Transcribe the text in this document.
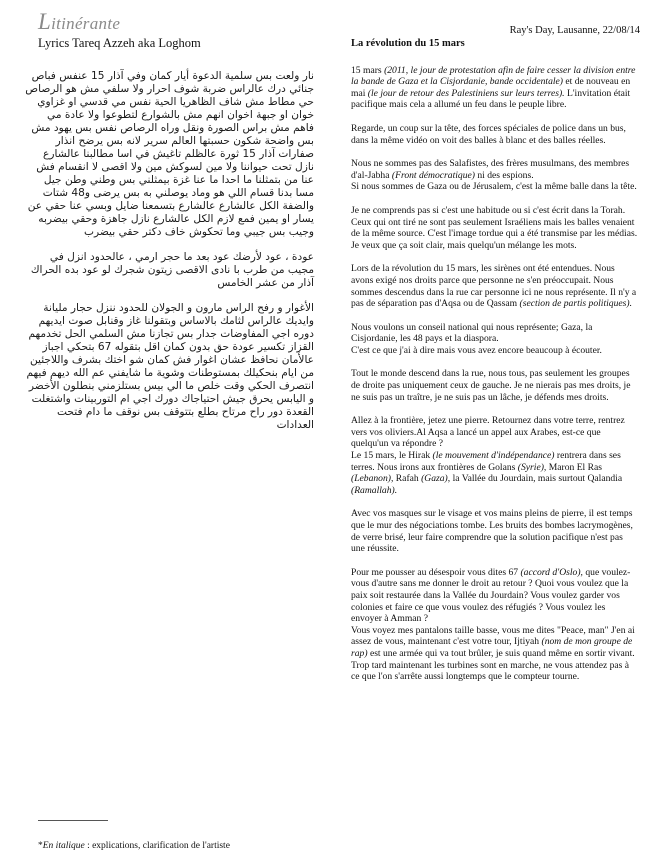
Litinérante
Lyrics Tareq Azzeh aka Loghom
Ray's Day, Lausanne, 22/08/14

نار ولعت بس سلمية الدعوة أيار كمان وفي آذار 15 عنفس فباص جنائي درك عالراس ضربة شوف احرار ولا سلفي مش هو الرصاص حي مطاط مش شاف الظاهريا الحية نفس مي قدسي او غزاوي خوان او جبهة اخوان انهم مش بالشوارع لتطوعوا ولا عادة مي فاهم مش براس الصورة ونقل وراه الرصاص نفس بس يهود مش بس واضحة شكون حسبتها العالم سرير لانه بس يرضح انذار صفارات آذار 15 ثورة عالظلم تاغيش في اسا مطالبنا عالشارع نازل تحت حيواننا ولا مين لسوكش مين ولا اقصى لا انقسام فش عنا من بتمثلنا ما احدا ما عنا غزة بيمثلني بس وطني وطن جيل مسا بدنا قسام اللي هو وماد يوصلني به بس يرضى و48 شتات والضفة الكل عالشارع عالشارع بتسمعنا ضايل وبسي عنا حقي عن يسار او يمين فمع لازم الكل عالشارع نازل جاهزة وحقي بيضربه وجيب بس جيبي وما تحكوش خاف دكتر حقي بيضرب

عودة ، عود لأرضك عود بعد ما حجر ارمي ، عالحدود انزل في مجيب من طرب با نادى الاقصى زيتون شجرك لو عود بده الحراك آذار من عشر الخامس

الأغوار و رفح الراس مارون و الجولان للحدود ننزل حجار مليانة وايديك عالراس لثامك بالاساس وبتقولنا غاز وقنابل صوت ايديهم دوره اجي المفاوضات جدار بس تجازنا مش السلمي الحل تخدمهم القزاز تكسير عودة حق بدون كمان اقل بتقوله 67 بتحكي اجباز عالأمان نحافظ عشان اغوار فش كمان شو اختك بشرف واللاجئين من ايام بنحكيلك بمستوطنات وشوية ما شايفني عم الله ديهم فيهم انتصرف الحكي وقت خلص ما الي بيس بستلزمني بنطلون الأخضر و اليابس يحرق جيش احتياجاك دورك اجي ام التوربينات واشتغلت القعدة دور راح مرتاح بطلع بتتوقف بس نوقف ما دام فتحت العدادات

La révolution du 15 mars

15 mars (2011, le jour de protestation afin de faire cesser la division entre la bande de Gaza et la Cisjordanie, bande occidentale) et de nouveau en mai (le jour de retour des Palestiniens sur leurs terres). L'invitation était pacifique mais cela a allumé un feu dans le peuple libre.

Regarde, un coup sur la tête, des forces spéciales de police dans un bus, dans la même vidéo on voit des balles à blanc et des balles réelles.

Nous ne sommes pas des Salafistes, des frères musulmans, des membres d'al-Jabha (Front démocratique) ni des espions.
Si nous sommes de Gaza ou de Jérusalem, c'est la même balle dans la tête.

Je ne comprends pas si c'est une habitude ou si c'est écrit dans la Torah. Ceux qui ont tiré ne sont pas seulement Israéliens mais les balles venaient de la même source. C'est l'image tordue qui a été transmise par les médias. Je veux que ça soit clair, mais quelqu'un mélange les mots.

Lors de la révolution du 15 mars, les sirènes ont été entendues. Nous avons exigé nos droits parce que personne ne s'en préoccupait. Nous sommes descendus dans la rue car personne ici ne nous représente. Il n'y a pas de séparation pas d'Aqsa ou de Qassam (section de partis politiques).

Nous voulons un conseil national qui nous représente; Gaza, la Cisjordanie, les 48 pays et la diaspora.
C'est ce que j'ai à dire mais vous avez encore beaucoup à écouter.

Tout le monde descend dans la rue, nous tous, pas seulement les groupes de droite pas uniquement ceux de gauche. Je ne nierais pas mes droits, je ne suis pas un traître, je ne suis pas un lâche, je défends mes droits.

Allez à la frontière, jetez une pierre. Retournez dans votre terre, rentrez vers vos oliviers.Al Aqsa a lancé un appel aux Arabes, est-ce que quelqu'un va répondre ?
Le 15 mars, le Hirak (le mouvement d'indépendance) rentrera dans ses terres. Nous irons aux frontières de Golans (Syrie), Maron El Ras (Lebanon), Rafah (Gaza), la Vallée du Jourdain, mais surtout Qalandia (Ramallah).

Avec vos masques sur le visage et vos mains pleins de pierre, il est temps que le mur des négociations tombe. Les bruits des bombes lacrymogènes, de verre brisé, leur faire comprendre que la solution pacifique n'est pas une réussite.

Pour me pousser au désespoir vous dites 67 (accord d'Oslo), que voulez-vous d'autre sans me donner le droit au retour ? Quoi vous voulez que la paix soit restaurée dans la Vallée du Jourdain? Vous voulez garder vos colonies et faire ce que vous voulez des réfugiés ? Vous voulez les envoyer à Amman ?
Vous voyez mes pantalons taille basse, vous me dites "Peace, man" J'en ai assez de vous, maintenant c'est votre tour, Ijtiyah (nom de mon groupe de rap) est une armée qui va tout brûler, je suis quand même en sortir vivant.
Trop tard maintenant les turbines sont en marche, ne vous attendez pas à ce que l'on s'arrête aussi longtemps que le compteur tourne.

*En italique : explications, clarification de l'artiste
